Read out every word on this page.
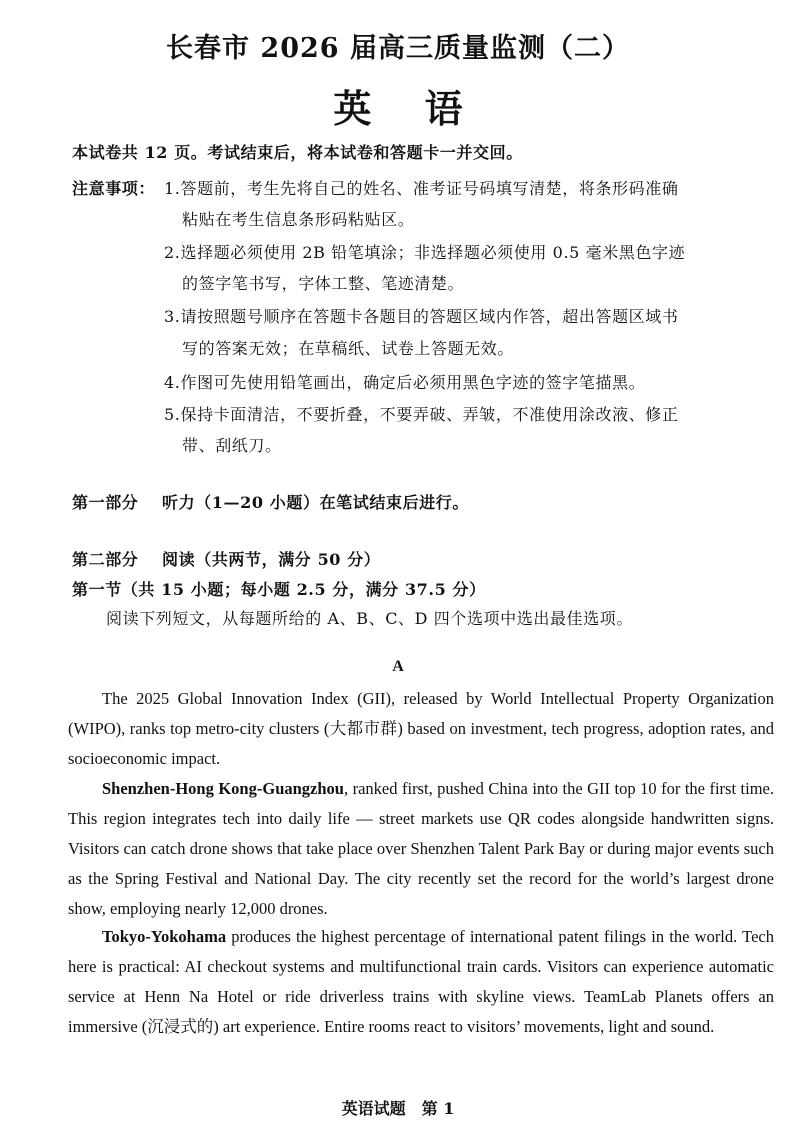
长春市 2026 届高三质量监测（二）
英 语
本试卷共 12 页。考试结束后，将本试卷和答题卡一并交回。
注意事项： 1.答题前，考生先将自己的姓名、准考证号码填写清楚，将条形码准确
粘贴在考生信息条形码粘贴区。
2.选择题必须使用 2B 铅笔填涂；非选择题必须使用 0.5 毫米黑色字迹
的签字笔书写，字体工整、笔迹清楚。
3.请按照题号顺序在答题卡各题目的答题区域内作答，超出答题区域书
写的答案无效；在草稿纸、试卷上答题无效。
4.作图可先使用铅笔画出，确定后必须用黑色字迹的签字笔描黑。
5.保持卡面清洁，不要折叠，不要弄破、弄皱，不准使用涂改液、修正
带、刮纸刀。
第一部分 听力（1—20 小题）在笔试结束后进行。
第二部分 阅读（共两节，满分 50 分）
第一节（共 15 小题；每小题 2.5 分，满分 37.5 分）
阅读下列短文，从每题所给的 A、B、C、D 四个选项中选出最佳选项。
A
The 2025 Global Innovation Index (GII), released by World Intellectual Property Organization (WIPO), ranks top metro-city clusters (大都市群) based on investment, tech progress, adoption rates, and socioeconomic impact.
Shenzhen-Hong Kong-Guangzhou, ranked first, pushed China into the GII top 10 for the first time. This region integrates tech into daily life — street markets use QR codes alongside handwritten signs. Visitors can catch drone shows that take place over Shenzhen Talent Park Bay or during major events such as the Spring Festival and National Day. The city recently set the record for the world’s largest drone show, employing nearly 12,000 drones.
Tokyo-Yokohama produces the highest percentage of international patent filings in the world. Tech here is practical: AI checkout systems and multifunctional train cards. Visitors can experience automatic service at Henn Na Hotel or ride driverless trains with skyline views. TeamLab Planets offers an immersive (沉浸式的) art experience. Entire rooms react to visitors’ movements, light and sound.
英语试题　第 1
